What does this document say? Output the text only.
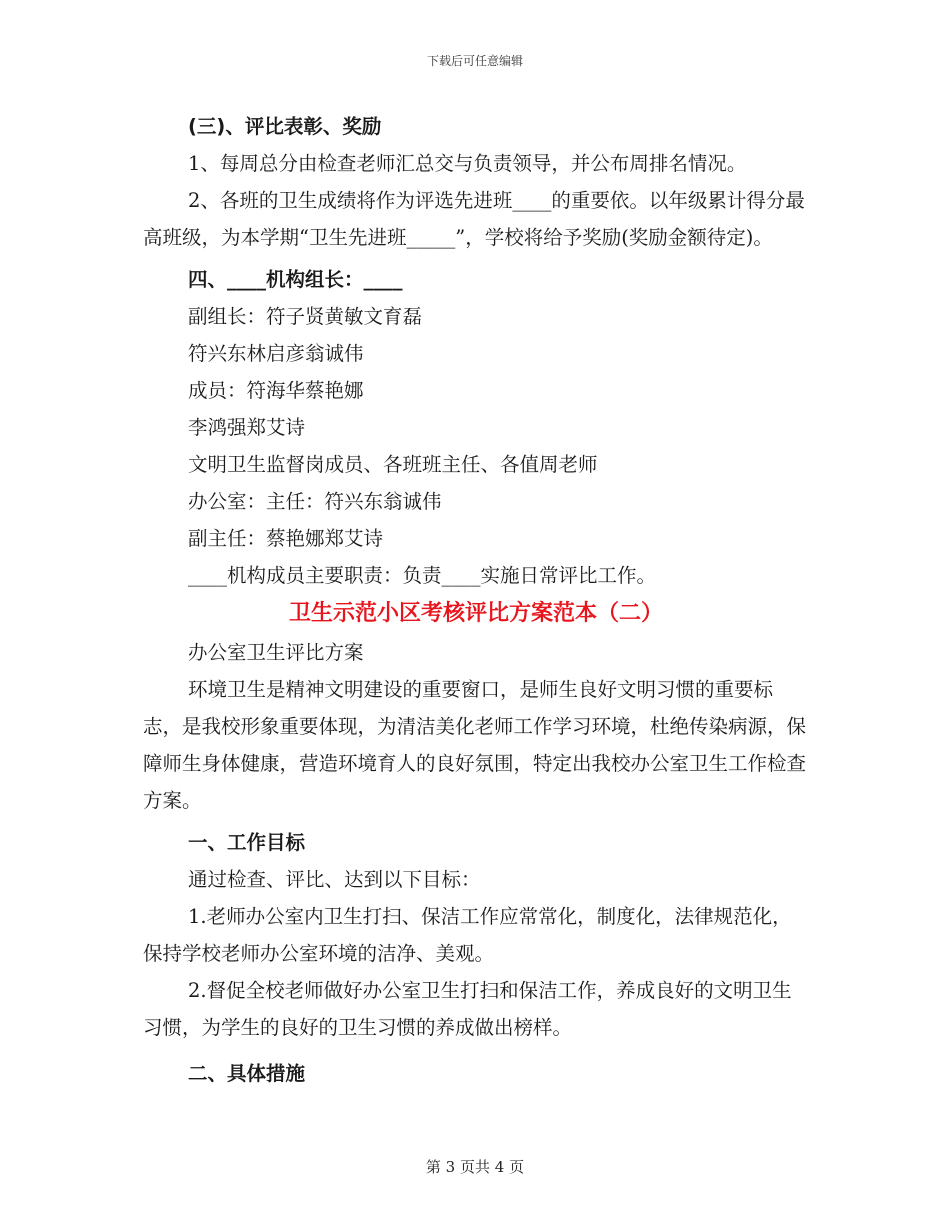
下载后可任意编辑

(三)、评比表彰、奖励

1、每周总分由检查老师汇总交与负责领导，并公布周排名情况。

2、各班的卫生成绩将作为评选先进班____的重要依。以年级累计得分最高班级，为本学期“卫生先进班_____”，学校将给予奖励(奖励金额待定)。

四、____机构组长：____

副组长：符子贤黄敏文育磊

符兴东林启彦翁诚伟

成员：符海华蔡艳娜

李鸿强郑艾诗

文明卫生监督岗成员、各班班主任、各值周老师

办公室：主任：符兴东翁诚伟

副主任：蔡艳娜郑艾诗

____机构成员主要职责：负责____实施日常评比工作。

卫生示范小区考核评比方案范本（二）

办公室卫生评比方案

环境卫生是精神文明建设的重要窗口，是师生良好文明习惯的重要标志，是我校形象重要体现，为清洁美化老师工作学习环境，杜绝传染病源，保障师生身体健康，营造环境育人的良好氛围，特定出我校办公室卫生工作检查方案。

一、工作目标

通过检查、评比、达到以下目标：

1.老师办公室内卫生打扫、保洁工作应常常化，制度化，法律规范化，保持学校老师办公室环境的洁净、美观。

2.督促全校老师做好办公室卫生打扫和保洁工作，养成良好的文明卫生习惯，为学生的良好的卫生习惯的养成做出榜样。

二、具体措施

第 3 页共 4 页
